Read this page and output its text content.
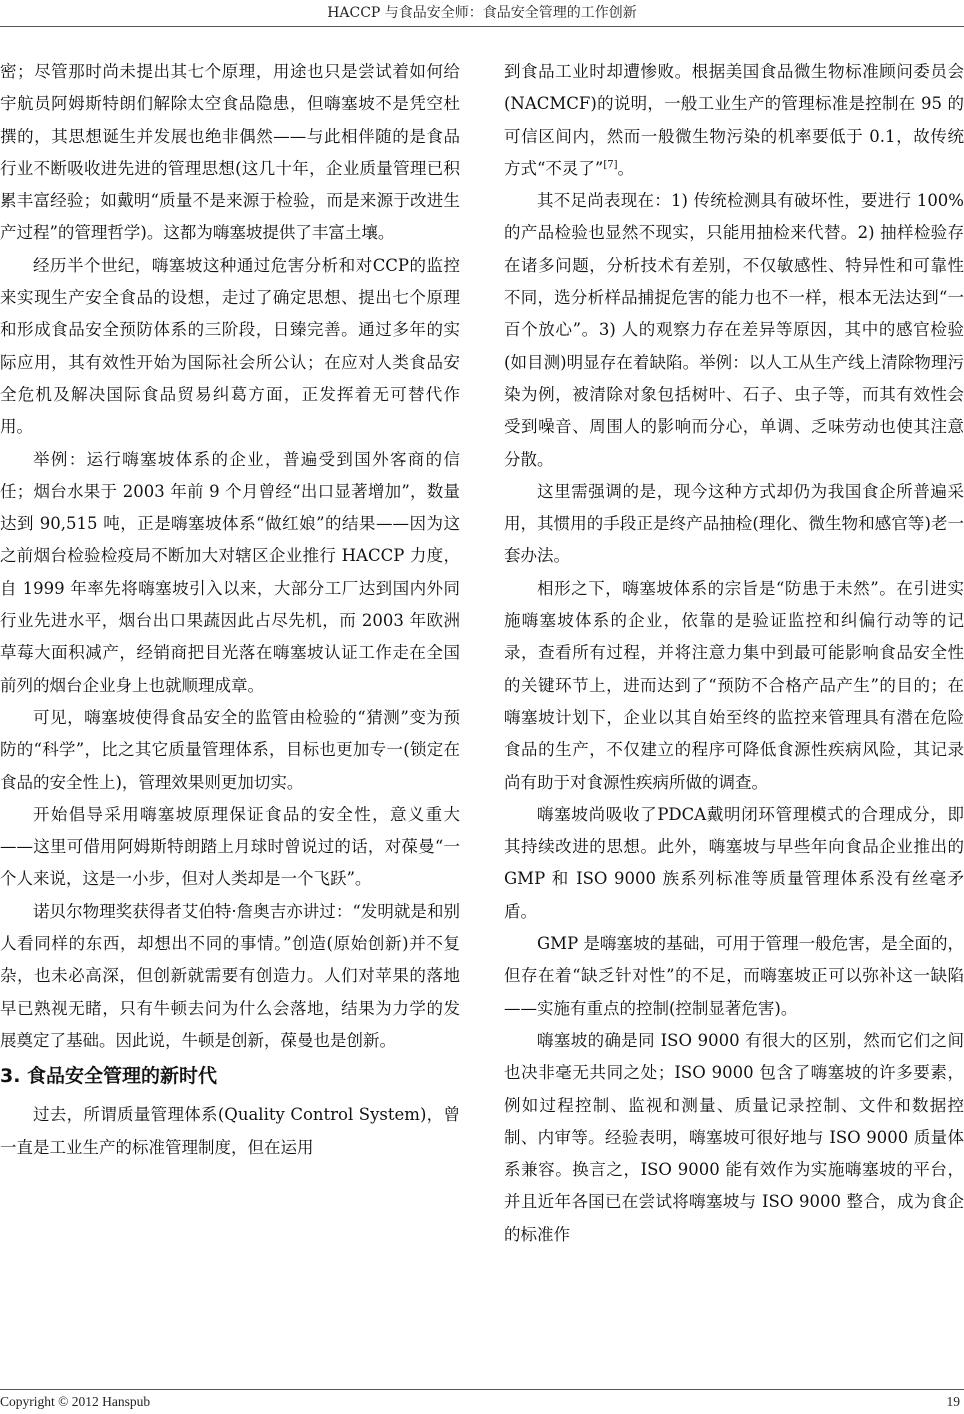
HACCP 与食品安全师：食品安全管理的工作创新

密；尽管那时尚未提出其七个原理，用途也只是尝试着如何给宇航员阿姆斯特朗们解除太空食品隐患，但嗨塞坡不是凭空杜撰的，其思想诞生并发展也绝非偶然——与此相伴随的是食品行业不断吸收进先进的管理思想(这几十年，企业质量管理已积累丰富经验；如戴明“质量不是来源于检验，而是来源于改进生产过程”的管理哲学)。这都为嗨塞坡提供了丰富土壤。

经历半个世纪，嗨塞坡这种通过危害分析和对CCP的监控来实现生产安全食品的设想，走过了确定思想、提出七个原理和形成食品安全预防体系的三阶段，日臻完善。通过多年的实际应用，其有效性开始为国际社会所公认；在应对人类食品安全危机及解决国际食品贸易纠葛方面，正发挥着无可替代作用。

举例：运行嗨塞坡体系的企业，普遍受到国外客商的信任；烟台水果于 2003 年前 9 个月曾经“出口显著增加”，数量达到 90,515 吨，正是嗨塞坡体系“做红娘”的结果——因为这之前烟台检验检疫局不断加大对辖区企业推行 HACCP 力度，自 1999 年率先将嗨塞坡引入以来，大部分工厂达到国内外同行业先进水平，烟台出口果蔬因此占尽先机，而 2003 年欧洲草莓大面积减产，经销商把目光落在嗨塞坡认证工作走在全国前列的烟台企业身上也就顺理成章。

可见，嗨塞坡使得食品安全的监管由检验的“猜测”变为预防的“科学”，比之其它质量管理体系，目标也更加专一(锁定在食品的安全性上)，管理效果则更加切实。

开始倡导采用嗨塞坡原理保证食品的安全性，意义重大——这里可借用阿姆斯特朗踏上月球时曾说过的话，对葆曼“一个人来说，这是一小步，但对人类却是一个飞跃”。

诺贝尔物理奖获得者艾伯特·詹奥吉亦讲过：“发明就是和别人看同样的东西，却想出不同的事情。”创造(原始创新)并不复杂，也未必高深，但创新就需要有创造力。人们对苹果的落地早已熟视无睹，只有牛顿去问为什么会落地，结果为力学的发展奠定了基础。因此说，牛顿是创新，葆曼也是创新。

3. 食品安全管理的新时代

过去，所谓质量管理体系(Quality Control System)，曾一直是工业生产的标准管理制度，但在运用

到食品工业时却遭惨败。根据美国食品微生物标准顾问委员会(NACMCF)的说明，一般工业生产的管理标准是控制在 95 的可信区间内，然而一般微生物污染的机率要低于 0.1，故传统方式“不灵了”[7]。

其不足尚表现在：1) 传统检测具有破坏性，要进行 100%的产品检验也显然不现实，只能用抽检来代替。2) 抽样检验存在诸多问题，分析技术有差别，不仅敏感性、特异性和可靠性不同，选分析样品捕捉危害的能力也不一样，根本无法达到“一百个放心”。3) 人的观察力存在差异等原因，其中的感官检验(如目测)明显存在着缺陷。举例：以人工从生产线上清除物理污染为例，被清除对象包括树叶、石子、虫子等，而其有效性会受到噪音、周围人的影响而分心，单调、乏味劳动也使其注意分散。

这里需强调的是，现今这种方式却仍为我国食企所普遍采用，其惯用的手段正是终产品抽检(理化、微生物和感官等)老一套办法。

相形之下，嗨塞坡体系的宗旨是“防患于未然”。在引进实施嗨塞坡体系的企业，依靠的是验证监控和纠偏行动等的记录，查看所有过程，并将注意力集中到最可能影响食品安全性的关键环节上，进而达到了“预防不合格产品产生”的目的；在嗨塞坡计划下，企业以其自始至终的监控来管理具有潜在危险食品的生产，不仅建立的程序可降低食源性疾病风险，其记录尚有助于对食源性疾病所做的调查。

嗨塞坡尚吸收了PDCA戴明闭环管理模式的合理成分，即其持续改进的思想。此外，嗨塞坡与早些年向食品企业推出的 GMP 和 ISO 9000 族系列标准等质量管理体系没有丝毫矛盾。

GMP 是嗨塞坡的基础，可用于管理一般危害，是全面的，但存在着“缺乏针对性”的不足，而嗨塞坡正可以弥补这一缺陷——实施有重点的控制(控制显著危害)。

嗨塞坡的确是同 ISO 9000 有很大的区别，然而它们之间也决非毫无共同之处；ISO 9000 包含了嗨塞坡的许多要素，例如过程控制、监视和测量、质量记录控制、文件和数据控制、内审等。经验表明，嗨塞坡可很好地与 ISO 9000 质量体系兼容。换言之，ISO 9000 能有效作为实施嗨塞坡的平台，并且近年各国已在尝试将嗨塞坡与 ISO 9000 整合，成为食企的标准作

Copyright © 2012 Hanspub	19
